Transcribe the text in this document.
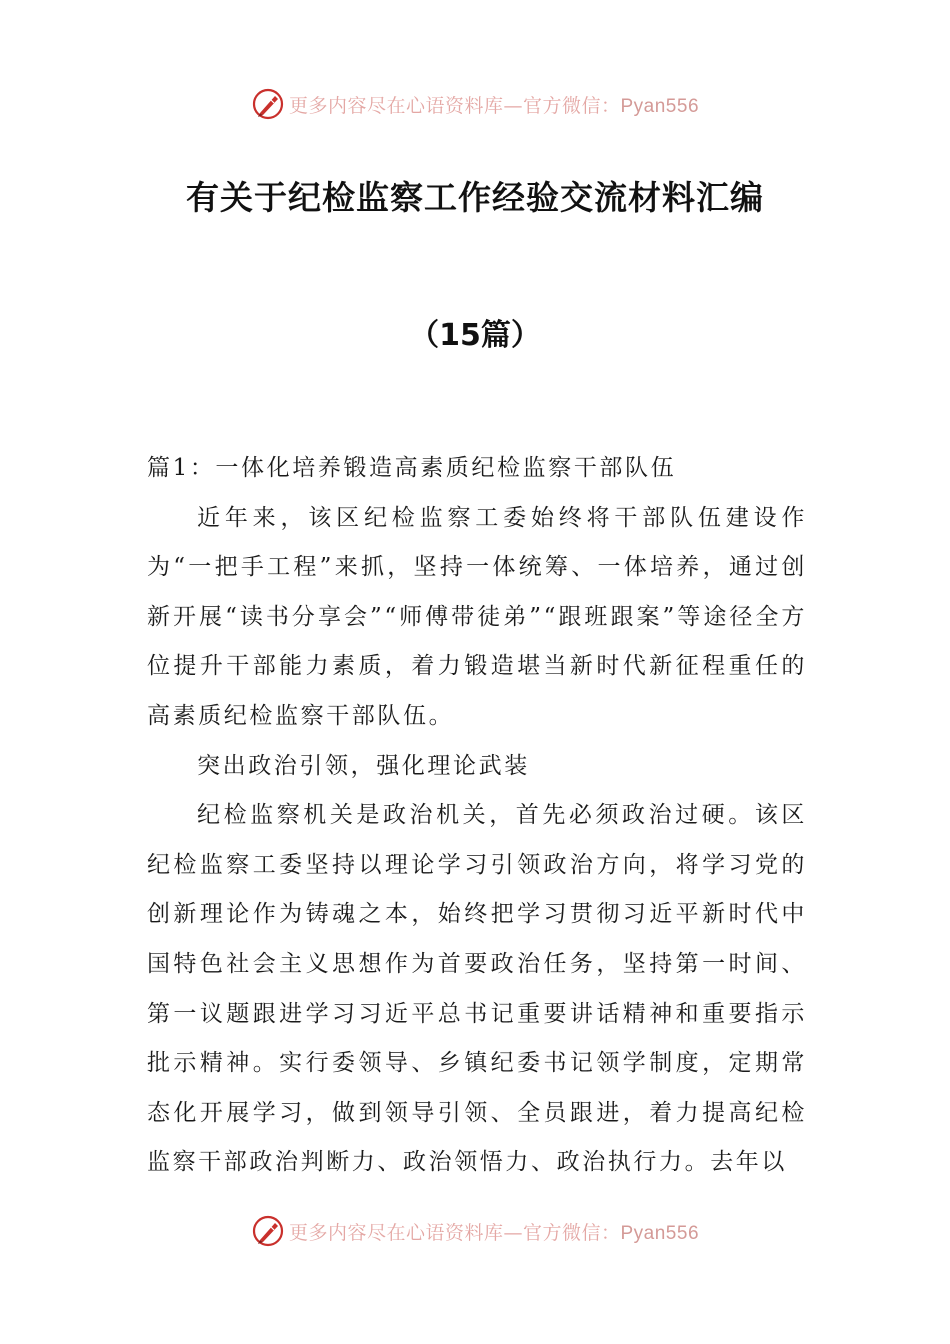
更多内容尽在心语资料库—官方微信：Pyan556
有关于纪检监察工作经验交流材料汇编
（15篇）

篇1：一体化培养锻造高素质纪检监察干部队伍

近年来，该区纪检监察工委始终将干部队伍建设作为“一把手工程”来抓，坚持一体统筹、一体培养，通过创新开展“读书分享会”“师傅带徒弟”“跟班跟案”等途径全方位提升干部能力素质，着力锻造堪当新时代新征程重任的高素质纪检监察干部队伍。

突出政治引领，强化理论武装

纪检监察机关是政治机关，首先必须政治过硬。该区纪检监察工委坚持以理论学习引领政治方向，将学习党的创新理论作为铸魂之本，始终把学习贯彻习近平新时代中国特色社会主义思想作为首要政治任务，坚持第一时间、第一议题跟进学习习近平总书记重要讲话精神和重要指示批示精神。实行委领导、乡镇纪委书记领学制度，定期常态化开展学习，做到领导引领、全员跟进，着力提高纪检监察干部政治判断力、政治领悟力、政治执行力。去年以

更多内容尽在心语资料库—官方微信：Pyan556
